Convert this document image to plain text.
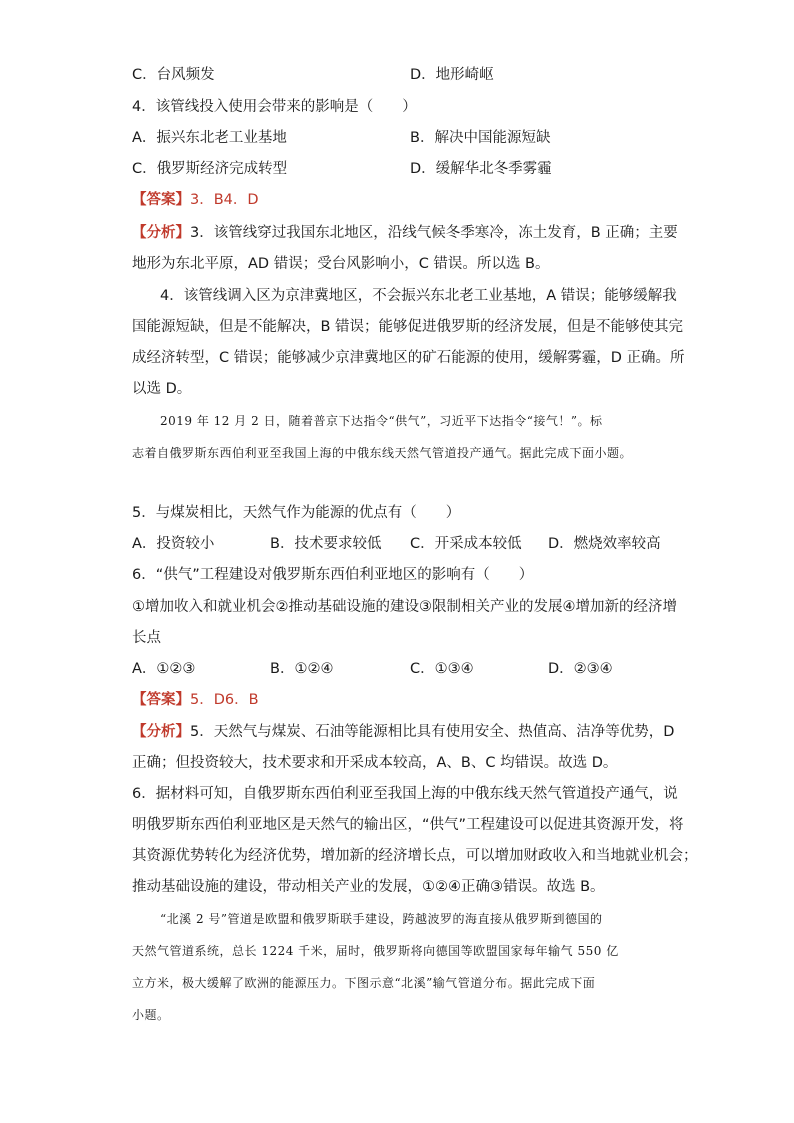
C．台风频发	D．地形崎岖
4．该管线投入使用会带来的影响是（　　）
A．振兴东北老工业基地	B．解决中国能源短缺
C．俄罗斯经济完成转型	D．缓解华北冬季雾霾
【答案】3．B4．D
【分析】3．该管线穿过我国东北地区，沿线气候冬季寒冷，冻土发育，B 正确；主要
地形为东北平原，AD 错误；受台风影响小，C 错误。所以选 B。
4．该管线调入区为京津冀地区，不会振兴东北老工业基地，A 错误；能够缓解我
国能源短缺，但是不能解决，B 错误；能够促进俄罗斯的经济发展，但是不能够使其完
成经济转型，C 错误；能够减少京津冀地区的矿石能源的使用，缓解雾霾，D 正确。所
以选 D。
2019 年 12 月 2 日，随着普京下达指令“供气”，习近平下达指令“接气！”。标
志着自俄罗斯东西伯利亚至我国上海的中俄东线天然气管道投产通气。据此完成下面小题。
5．与煤炭相比，天然气作为能源的优点有（　　）
A．投资较小	B．技术要求较低 C．开采成本较低 D．燃烧效率较高
6．“供气”工程建设对俄罗斯东西伯利亚地区的影响有（　　）
①增加收入和就业机会②推动基础设施的建设③限制相关产业的发展④增加新的经济增
长点
A．①②③	B．①②④	C．①③④	D．②③④
【答案】5．D6．B
【分析】5．天然气与煤炭、石油等能源相比具有使用安全、热值高、洁净等优势，D
正确；但投资较大，技术要求和开采成本较高，A、B、C 均错误。故选 D。
6．据材料可知，自俄罗斯东西伯利亚至我国上海的中俄东线天然气管道投产通气，说
明俄罗斯东西伯利亚地区是天然气的输出区，“供气”工程建设可以促进其资源开发，将
其资源优势转化为经济优势，增加新的经济增长点，可以增加财政收入和当地就业机会；
推动基础设施的建设，带动相关产业的发展，①②④正确③错误。故选 B。
“北溪 2 号”管道是欧盟和俄罗斯联手建设，跨越波罗的海直接从俄罗斯到德国的
天然气管道系统，总长 1224 千米，届时，俄罗斯将向德国等欧盟国家每年输气 550 亿
立方米，极大缓解了欧洲的能源压力。下图示意“北溪”输气管道分布。据此完成下面
小题。
